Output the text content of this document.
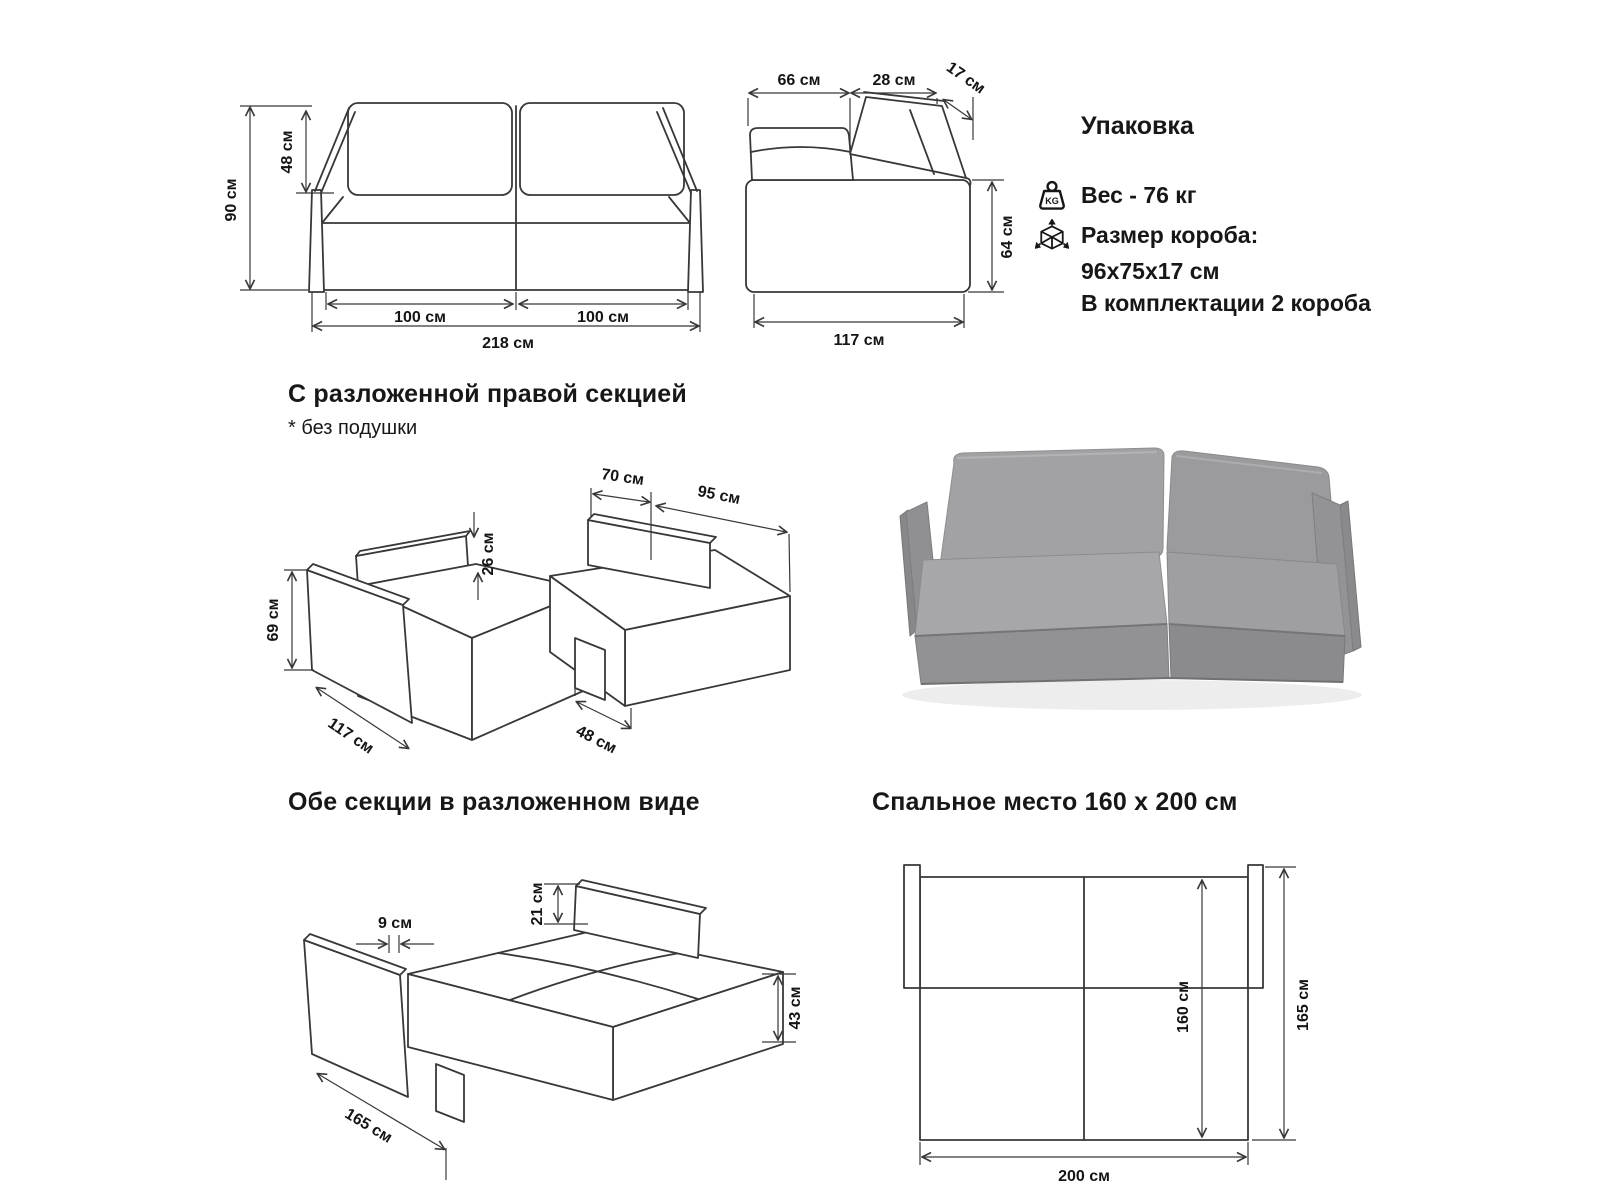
90 см
48 см
100 см	100 см
218 см
66 см	28 см 17 см
64 см
117 см
Упаковка
KG Вес - 76 кг
Размер короба:
96х75х17 см
В комплектации 2 короба
С разложенной правой секцией
* без подушки
70 см
95 см
26 см
69 см
117 см	48 см
Обе секции в разложенном виде
21 см
9 см
43 см
165 см
Спальное место 160 х 200 см
160 см	165 см
200 см
